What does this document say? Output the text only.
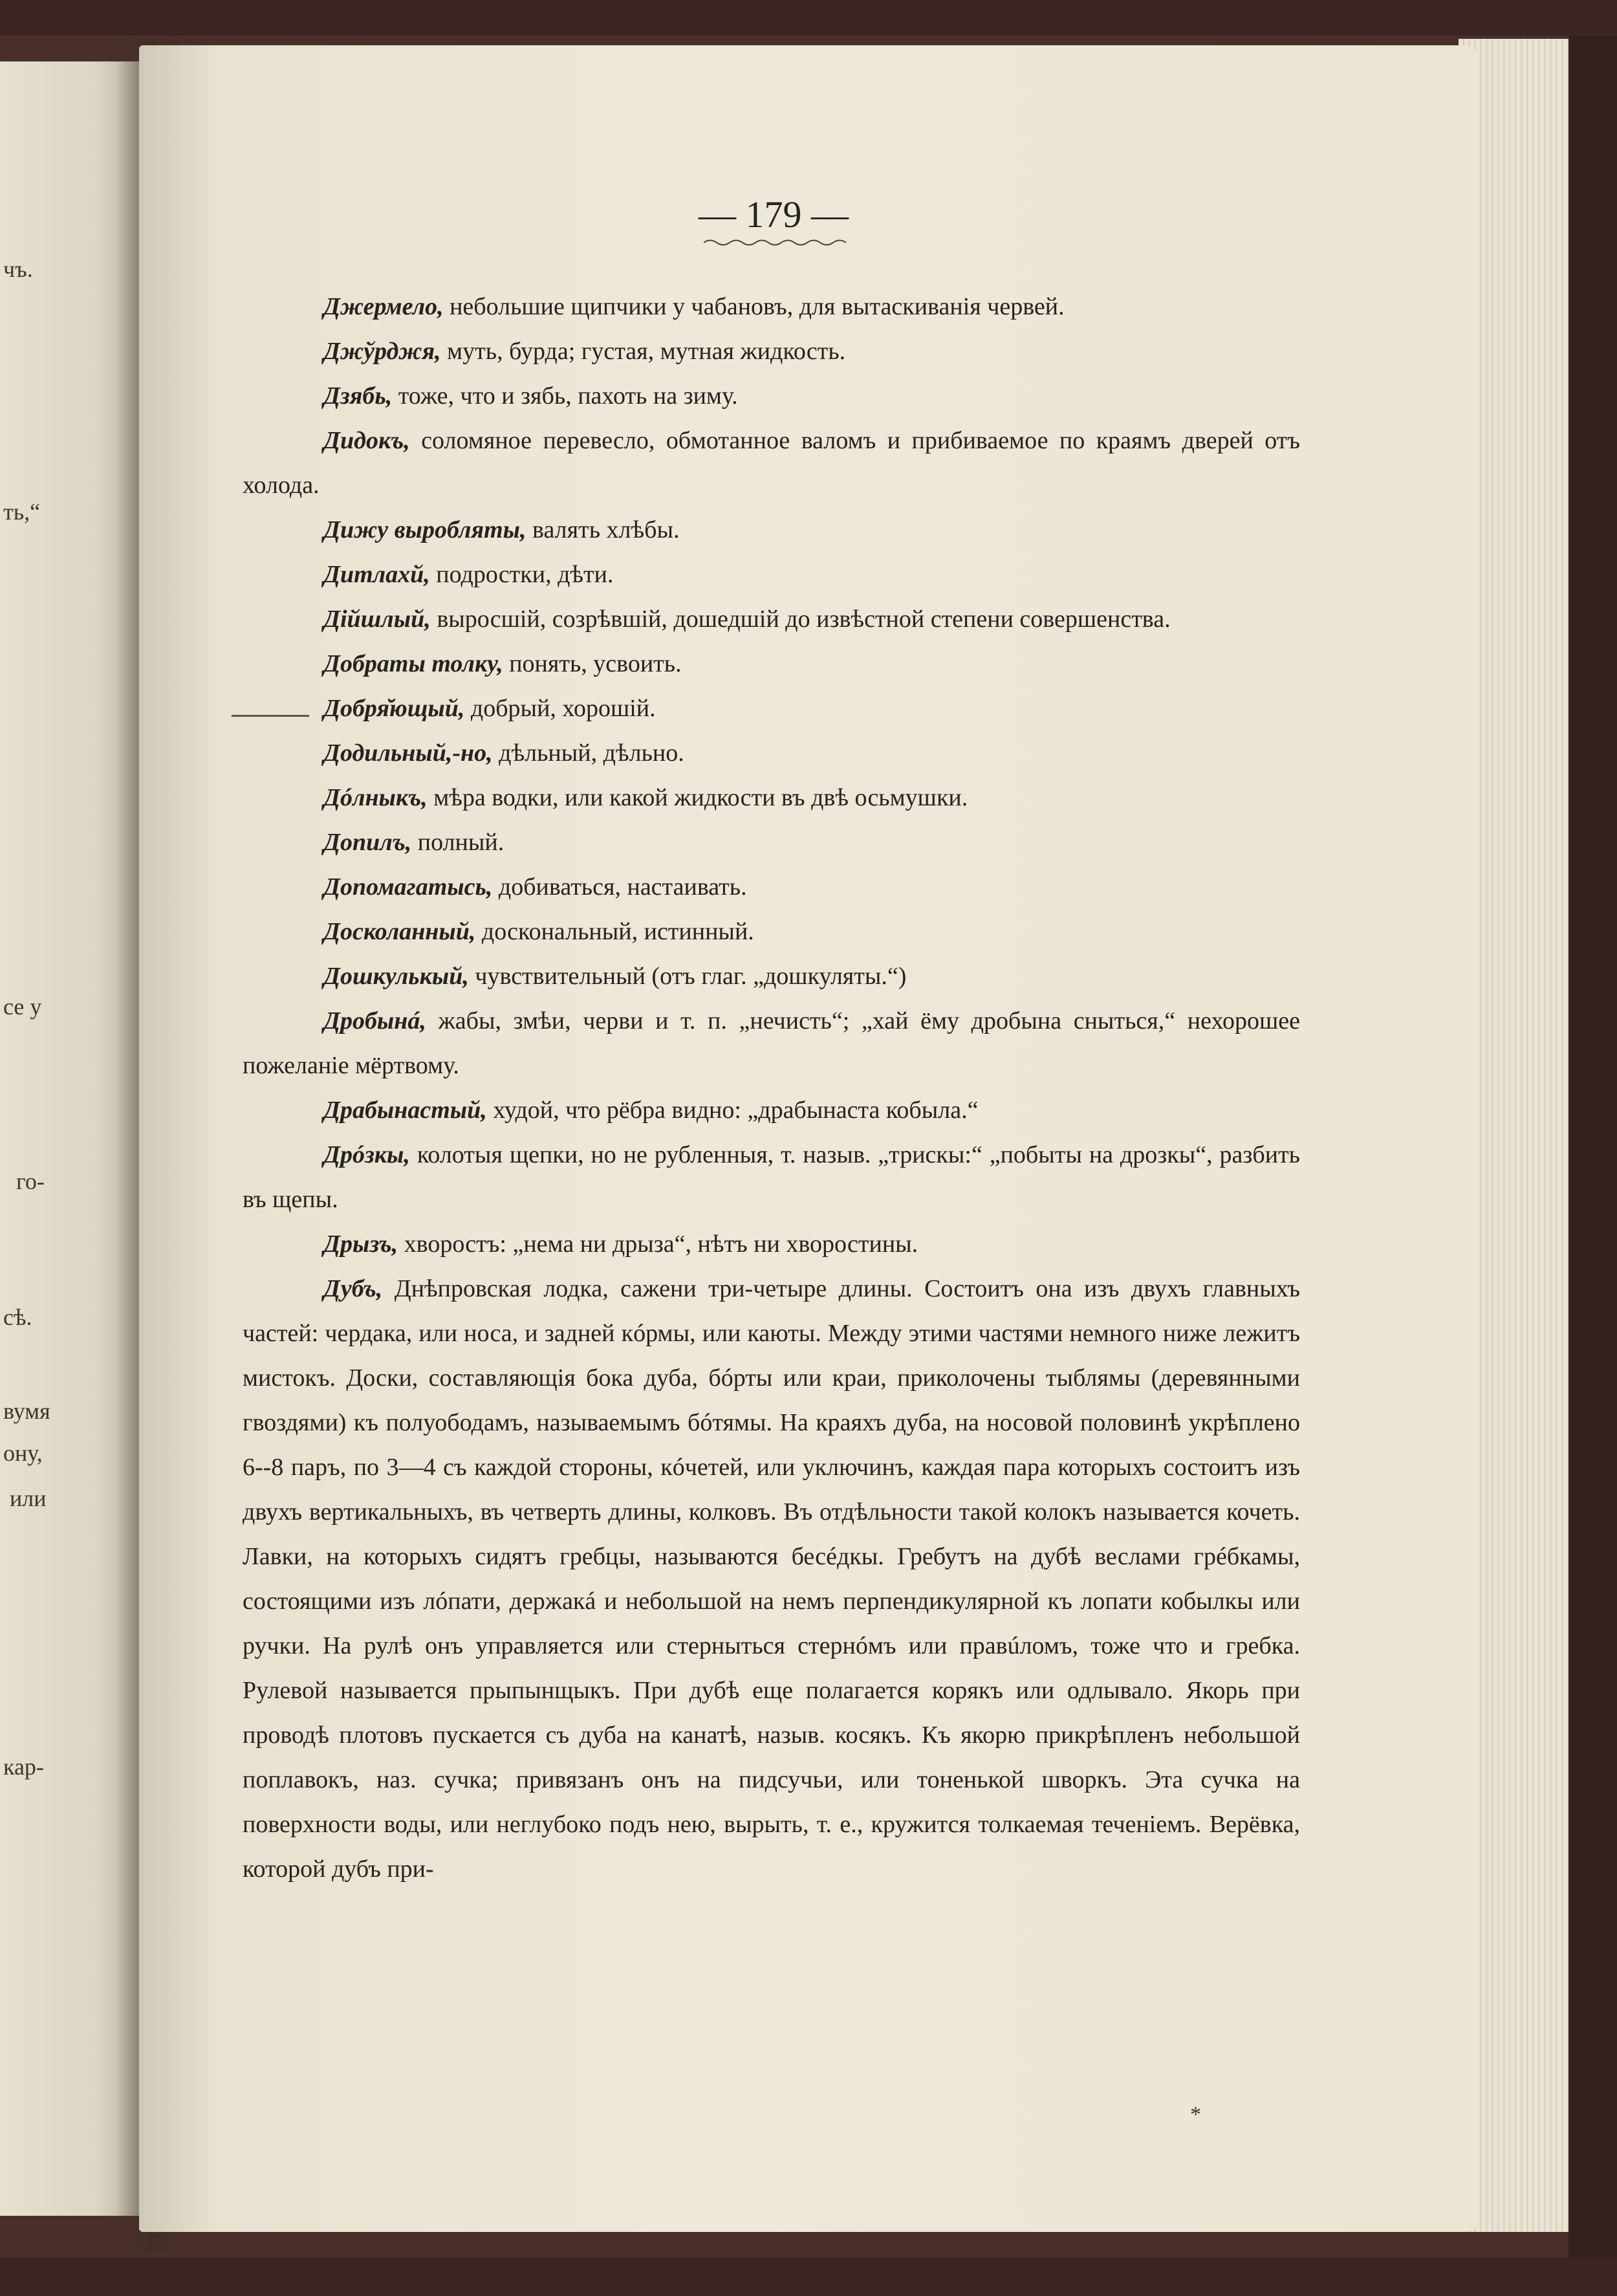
чъ.
ть,“
се у
го-
сѣ.
вумя
ону,
или
кар-
— 179 —

Джермело, небольшие щипчики у чабановъ, для вытаскиванія червей.

Джўрджя, муть, бурда; густая, мутная жидкость.

Дзябь, тоже, что и зябь, пахоть на зиму.

Дидокъ, соломяное перевесло, обмотанное валомъ и прибиваемое по краямъ дверей отъ холода.

Дижу выробляты, валять хлѣбы.

Дитлахй, подростки, дѣти.

Дійшлый, выросшій, созрѣвшій, дошедшій до извѣстной степени совершенства.

Добраты толку, понять, усвоить.

Добря̆ющый, добрый, хорошій.

Додильный,-но, дѣльный, дѣльно.

Дóлныкъ, мѣра водки, или какой жидкости въ двѣ осьмушки.

Допилъ, полный.

Допомагатысь, добиваться, настаивать.

Досколанный, доскональный, истинный.

Дошкулькый, чувствительный (отъ глаг. „дошкуляты.“)

Дробынá, жабы, змѣи, черви и т. п. „нечисть“; „хай ёму дробына сныться,“ нехорошее пожеланіе мёртвому.

Драбынастый, худой, что рёбра видно: „драбынаста кобыла.“

Дрóзкы, колотыя щепки, но не рубленныя, т. назыв. „трискы:“ „побыты на дрозкы“, разбить въ щепы.

Дрызъ, хворостъ: „нема ни дрыза“, нѣтъ ни хворостины.

Дубъ, Днѣпровская лодка, сажени три-четыре длины. Состоитъ она изъ двухъ главныхъ частей: чердака, или носа, и задней кóрмы, или каюты. Между этими частями немного ниже лежитъ мистокъ. Доски, составляющія бока дуба, бóрты или краи, приколочены тыблямы (деревянными гвоздями) къ полуободамъ, называемымъ бóтямы. На краяхъ дуба, на носовой половинѣ укрѣплено 6--8 паръ, по 3—4 съ каждой стороны, кóчетей, или уключинъ, каждая пара которыхъ состоитъ изъ двухъ вертикальныхъ, въ четверть длины, колковъ. Въ отдѣльности такой колокъ называется кочеть. Лавки, на которыхъ сидятъ гребцы, называются бесéдкы. Гребутъ на дубѣ веслами грéбкамы, состоящими изъ лóпати, держакá и небольшой на немъ перпендикулярной къ лопати кобылкы или ручки. На рулѣ онъ управляется или стерныться стернóмъ или правúломъ, тоже что и гребка. Рулевой называется прыпынщыкъ. При дубѣ еще полагается корякъ или одлывало. Якорь при проводѣ плотовъ пускается съ дуба на канатѣ, назыв. косякъ. Къ якорю прикрѣпленъ небольшой поплавокъ, наз. сучка; привязанъ онъ на пидсучьи, или тоненькой шворкъ. Эта сучка на поверхности воды, или неглубоко подъ нею, вырыть, т. е., кружится толкаемая теченіемъ. Верёвка, которой дубъ при-

*
